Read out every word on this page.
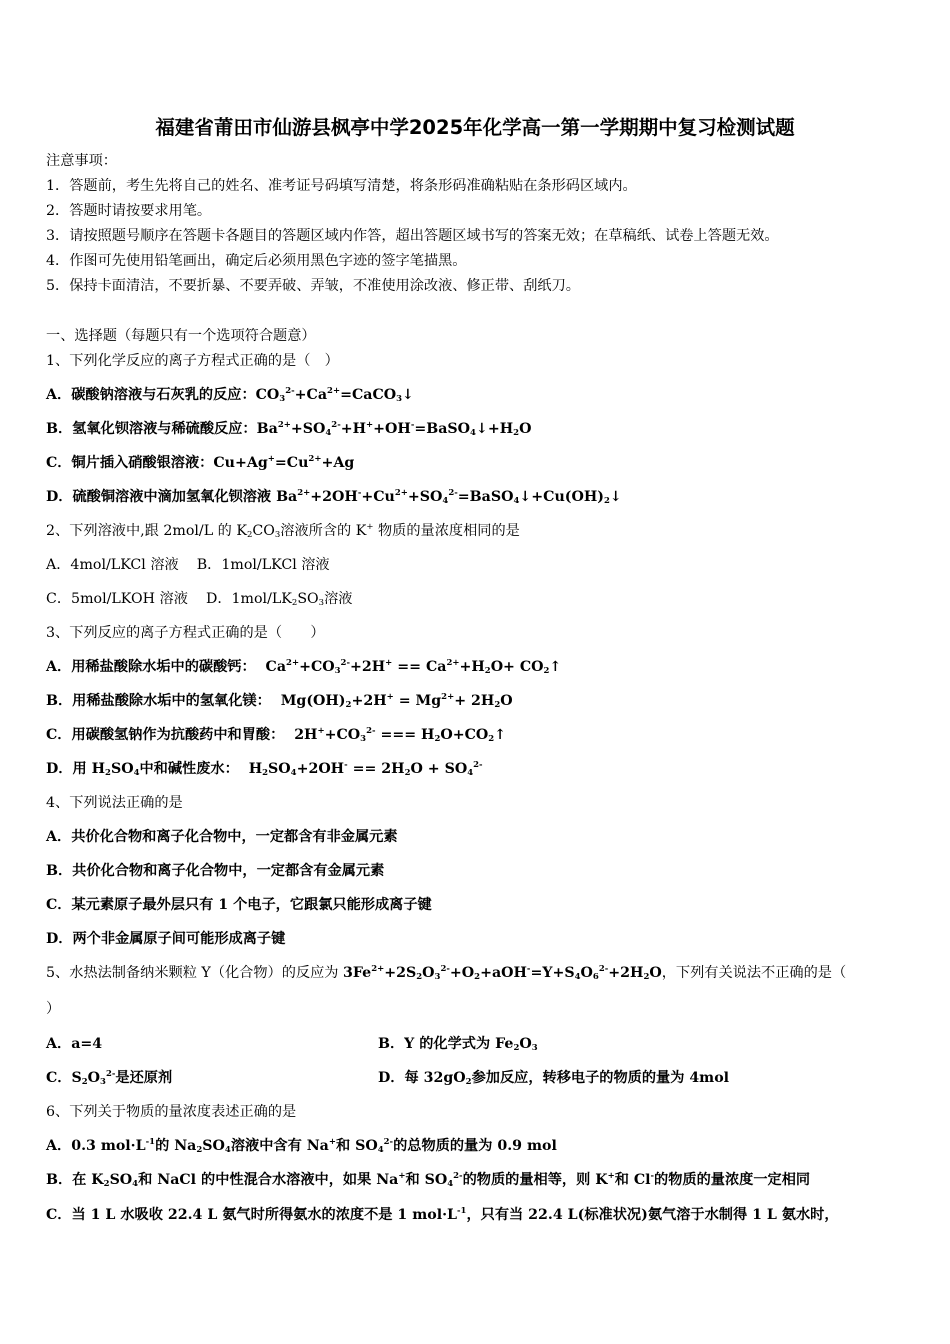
福建省莆田市仙游县枫亭中学2025年化学高一第一学期期中复习检测试题
注意事项：
1．答题前，考生先将自己的姓名、准考证号码填写清楚，将条形码准确粘贴在条形码区域内。
2．答题时请按要求用笔。
3．请按照题号顺序在答题卡各题目的答题区域内作答，超出答题区域书写的答案无效；在草稿纸、试卷上答题无效。
4．作图可先使用铅笔画出，确定后必须用黑色字迹的签字笔描黑。
5．保持卡面清洁，不要折暴、不要弄破、弄皱，不准使用涂改液、修正带、刮纸刀。
一、选择题（每题只有一个选项符合题意）
1、下列化学反应的离子方程式正确的是（　）
A．碳酸钠溶液与石灰乳的反应：$CO_3^{2-}+Ca^{2+}=CaCO_3↓$
B．氢氧化钡溶液与稀硫酸反应：$Ba^{2+}+SO_4^{2-}+H^++OH^-=BaSO_4↓+H_2O$
C．铜片插入硝酸银溶液：$Cu+Ag^+=Cu^{2+}+Ag$
D．硫酸铜溶液中滴加氢氧化钡溶液 $Ba^{2+}+2OH^-+Cu^{2+}+SO_4^{2-}=BaSO_4↓+Cu(OH)_2↓$
2、下列溶液中,跟 2mol/L 的 $K_2CO_3$溶液所含的 K+ 物质的量浓度相同的是
A．4mol/LKCl 溶液 B．1mol/LKCl 溶液
C．5mol/LKOH 溶液 D．$1mol/LK_2SO_3$溶液
3、下列反应的离子方程式正确的是（　　）
A．用稀盐酸除水垢中的碳酸钙： $Ca^{2+}+CO_3^{2-}+2H^+ == Ca^{2+}+H_2O+$ $CO_2↑$
B．用稀盐酸除水垢中的氢氧化镁： $Mg(OH)_2+2H^+ = Mg^{2+}+ 2H_2O$
C．用碳酸氢钠作为抗酸药中和胃酸： $2H^++CO_3^{2-}$ === $H_2O+CO_2↑$
D．用 $H_2SO_4$中和碱性废水： $H_2SO_4+2OH^- == 2H_2O + SO_4^{2-}$
4、下列说法正确的是
A．共价化合物和离子化合物中，一定都含有非金属元素
B．共价化合物和离子化合物中，一定都含有金属元素
C．某元素原子最外层只有 1 个电子，它跟氯只能形成离子键
D．两个非金属原子间可能形成离子键
5、水热法制备纳米颗粒 Y（化合物）的反应为 $3Fe^{2+}+2S_2O_3^{2-}+O_2+aOH^-=Y+S_4O_6^{2-}+2H_2O$，下列有关说法不正确的是（
）
A．a=4	B．Y 的化学式为 $Fe_2O_3$
C．$S_2O_3^{2-}$是还原剂	D．每 $32gO_2$参加反应，转移电子的物质的量为 4mol
6、下列关于物质的量浓度表述正确的是
A．0.3 $mol\cdot L^{-1}$的 $Na_2SO_4$溶液中含有 Na+和 $SO_4^{2-}$的总物质的量为 0.9 mol
B．在 $K_2SO_4$和 NaCl 的中性混合水溶液中，如果 Na+和 $SO_4^{2-}$的物质的量相等，则 K+和 Cl-的物质的量浓度一定相同
C．当 1 L 水吸收 22.4 L 氨气时所得氨水的浓度不是 1 $mol\cdot L^{-1}$，只有当 22.4 L(标准状况)氨气溶于水制得 1 L 氨水时，
